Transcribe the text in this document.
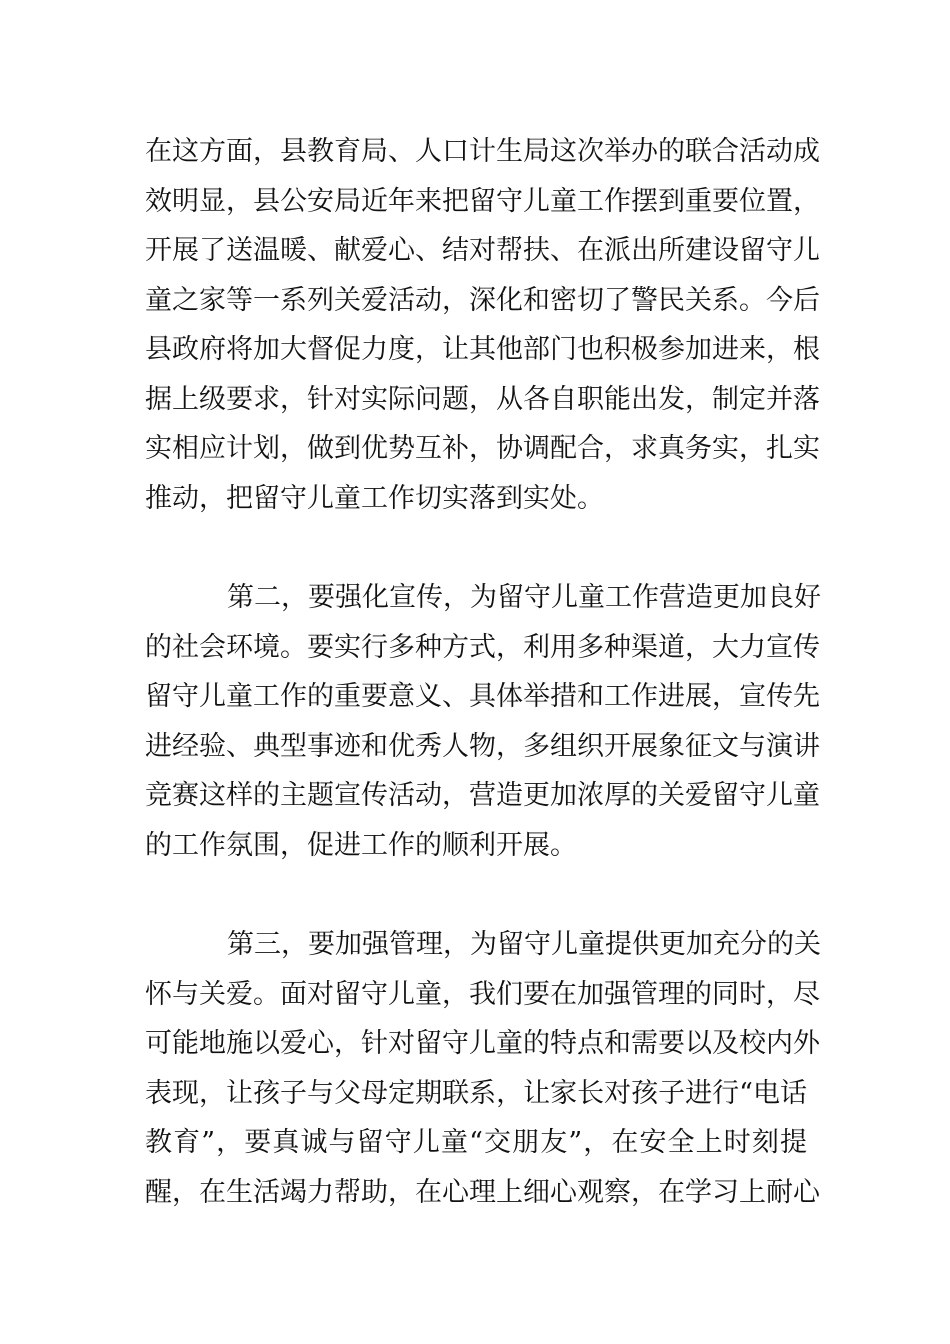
在这方面，县教育局、人口计生局这次举办的联合活动成
效明显，县公安局近年来把留守儿童工作摆到重要位置，
开展了送温暖、献爱心、结对帮扶、在派出所建设留守儿
童之家等一系列关爱活动，深化和密切了警民关系。今后
县政府将加大督促力度，让其他部门也积极参加进来，根
据上级要求，针对实际问题，从各自职能出发，制定并落
实相应计划，做到优势互补，协调配合，求真务实，扎实
推动，把留守儿童工作切实落到实处。
第二，要强化宣传，为留守儿童工作营造更加良好
的社会环境。要实行多种方式，利用多种渠道，大力宣传
留守儿童工作的重要意义、具体举措和工作进展，宣传先
进经验、典型事迹和优秀人物，多组织开展象征文与演讲
竞赛这样的主题宣传活动，营造更加浓厚的关爱留守儿童
的工作氛围，促进工作的顺利开展。
第三，要加强管理，为留守儿童提供更加充分的关
怀与关爱。面对留守儿童，我们要在加强管理的同时，尽
可能地施以爱心，针对留守儿童的特点和需要以及校内外
表现，让孩子与父母定期联系，让家长对孩子进行“电话
教育”，要真诚与留守儿童“交朋友”，在安全上时刻提
醒，在生活竭力帮助，在心理上细心观察，在学习上耐心
